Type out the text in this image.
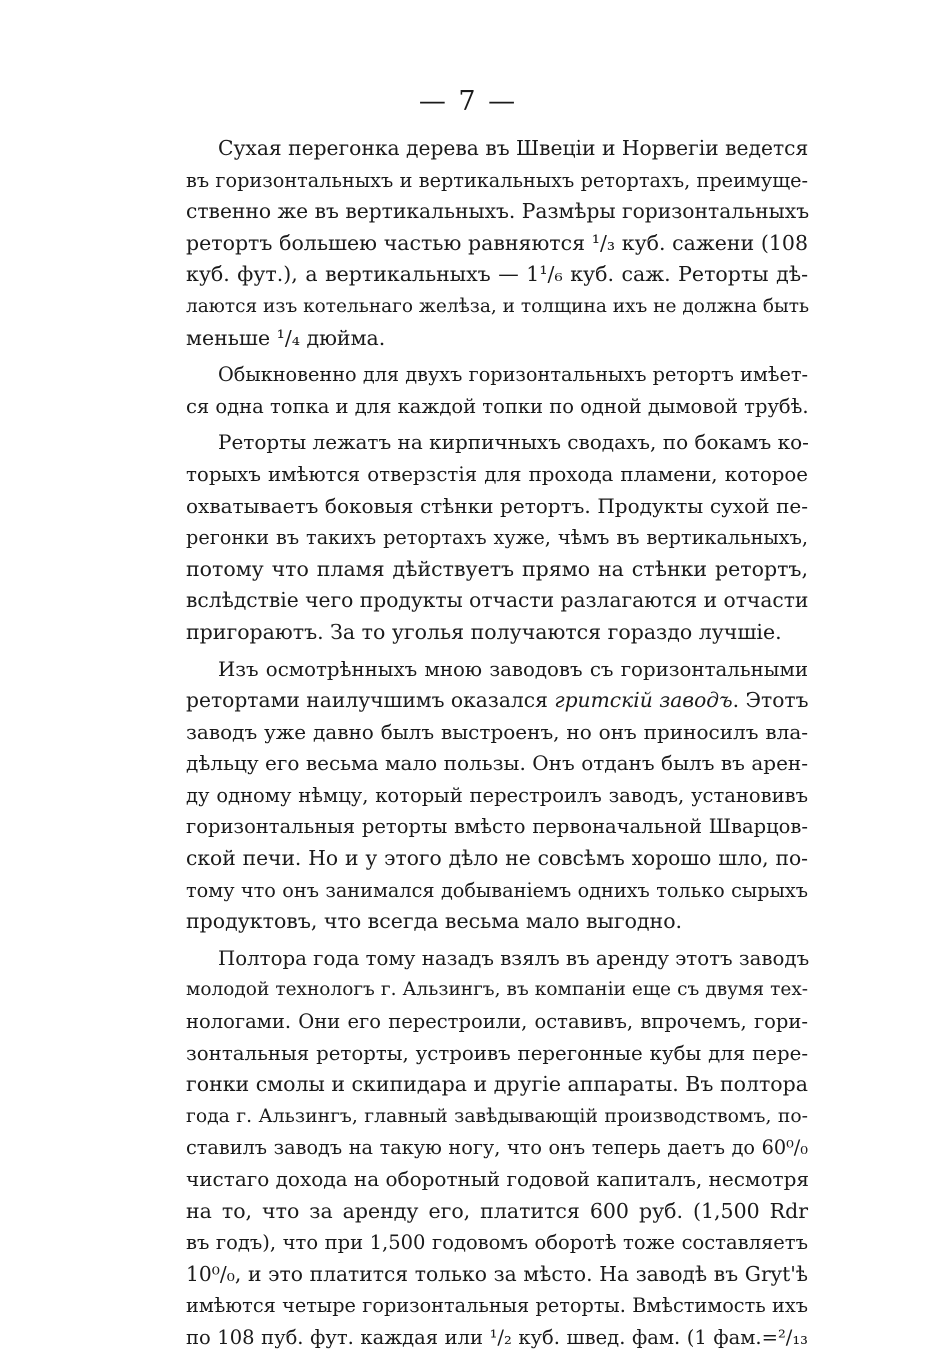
— 7 —
Сухая перегонка дерева въ Швеціи и Норвегіи ведется
въ горизонтальныхъ и вертикальныхъ ретортахъ, преимуще-
ственно же въ вертикальныхъ. Размѣры горизонтальныхъ
ретортъ большею частью равняются ¹/₃ куб. сажени (108
куб. фут.), а вертикальныхъ — 1¹/₆ куб. саж. Реторты дѣ-
лаются изъ котельнаго желѣза, и толщина ихъ не должна быть
меньше ¹/₄ дюйма.
Обыкновенно для двухъ горизонтальныхъ ретортъ имѣет-
ся одна топка и для каждой топки по одной дымовой трубѣ.
Реторты лежатъ на кирпичныхъ сводахъ, по бокамъ ко-
торыхъ имѣются отверзстія для прохода пламени, которое
охватываетъ боковыя стѣнки ретортъ. Продукты сухой пе-
регонки въ такихъ ретортахъ хуже, чѣмъ въ вертикальныхъ,
потому что пламя дѣйствуетъ прямо на стѣнки ретортъ,
вслѣдствіе чего продукты отчасти разлагаются и отчасти
пригораютъ. За то уголья получаются гораздо лучшіе.
Изъ осмотрѣнныхъ мною заводовъ съ горизонтальными
ретортами наилучшимъ оказался гритскій заводъ. Этотъ
заводъ уже давно былъ выстроенъ, но онъ приносилъ вла-
дѣльцу его весьма мало пользы. Онъ отданъ былъ въ арен-
ду одному нѣмцу, который перестроилъ заводъ, установивъ
горизонтальныя реторты вмѣсто первоначальной Шварцов-
ской печи. Но и у этого дѣло не совсѣмъ хорошо шло, по-
тому что онъ занимался добываніемъ однихъ только сырыхъ
продуктовъ, что всегда весьма мало выгодно.
Полтора года тому назадъ взялъ въ аренду этотъ заводъ
молодой технологъ г. Альзингъ, въ компаніи еще съ двумя тех-
нологами. Они его перестроили, оставивъ, впрочемъ, гори-
зонтальныя реторты, устроивъ перегонные кубы для пере-
гонки смолы и скипидара и другіе аппараты. Въ полтора
года г. Альзингъ, главный завѣдывающій производствомъ, по-
ставилъ заводъ на такую ногу, что онъ теперь даетъ до 60⁰/₀
чистаго дохода на оборотный годовой капиталъ, несмотря
на то, что за аренду его, платится 600 руб. (1,500 Rdr
въ годъ), что при 1,500 годовомъ оборотѣ тоже составляетъ
10⁰/₀, и это платится только за мѣсто. На заводѣ въ Gryt'ѣ
имѣются четыре горизонтальныя реторты. Вмѣстимость ихъ
по 108 пуб. фут. каждая или ¹/₂ куб. швед. фам. (1 фам.=²/₁₃
